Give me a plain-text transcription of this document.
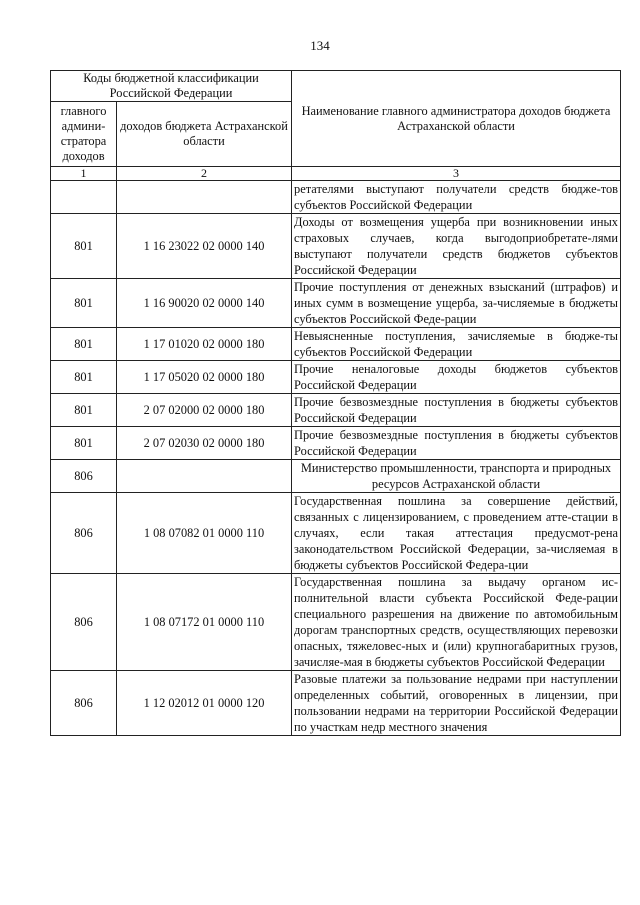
134
Коды бюджетной классификации Российской Федерации		Наименование главного администратора доходов бюджета Астраханской области
главного админи-стратора доходов	доходов бюджета Астраханской области	
1	2	3
		ретателями выступают получатели средств бюдже-тов субъектов Российской Федерации
801	1 16 23022 02 0000 140	Доходы от возмещения ущерба при возникновении иных страховых случаев, когда выгодоприобретате-лями выступают получатели средств бюджетов субъектов Российской Федерации
801	1 16 90020 02 0000 140	Прочие поступления от денежных взысканий (штрафов) и иных сумм в возмещение ущерба, за-числяемые в бюджеты субъектов Российской Феде-рации
801	1 17 01020 02 0000 180	Невыясненные поступления, зачисляемые в бюдже-ты субъектов Российской Федерации
801	1 17 05020 02 0000 180	Прочие неналоговые доходы бюджетов субъектов Российской Федерации
801	2 07 02000 02 0000 180	Прочие безвозмездные поступления в бюджеты субъектов Российской Федерации
801	2 07 02030 02 0000 180	Прочие безвозмездные поступления в бюджеты субъектов Российской Федерации
806		Министерство промышленности, транспорта и природных ресурсов Астраханской области
806	1 08 07082 01 0000 110	Государственная пошлина за совершение действий, связанных с лицензированием, с проведением атте-стации в случаях, если такая аттестация предусмот-рена законодательством Российской Федерации, за-числяемая в бюджеты субъектов Российской Федера-ции
806	1 08 07172 01 0000 110	Государственная пошлина за выдачу органом ис-полнительной власти субъекта Российской Феде-рации специального разрешения на движение по автомобильным дорогам транспортных средств, осуществляющих перевозки опасных, тяжеловес-ных и (или) крупногабаритных грузов, зачисляе-мая в бюджеты субъектов Российской Федерации
806	1 12 02012 01 0000 120	Разовые платежи за пользование недрами при наступлении определенных событий, оговоренных в лицензии, при пользовании недрами на территории Российской Федерации по участкам недр местного значения
